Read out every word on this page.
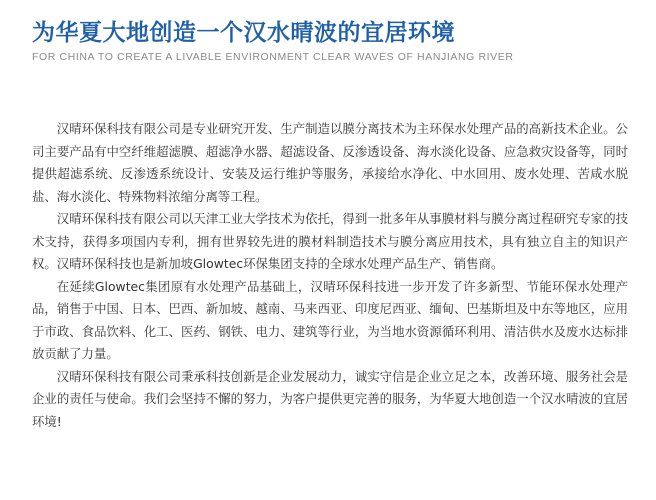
为华夏大地创造一个汉水晴波的宜居环境
FOR CHINA TO CREATE A LIVABLE ENVIRONMENT CLEAR WAVES OF HANJIANG RIVER

汉晴环保科技有限公司是专业研究开发、生产制造以膜分离技术为主环保水处理产品的高新技术企业。公司主要产品有中空纤维超滤膜、超滤净水器、超滤设备、反渗透设备、海水淡化设备、应急救灾设备等，同时提供超滤系统、反渗透系统设计、安装及运行维护等服务，承接给水净化、中水回用、废水处理、苦咸水脱盐、海水淡化、特殊物料浓缩分离等工程。

汉晴环保科技有限公司以天津工业大学技术为依托，得到一批多年从事膜材料与膜分离过程研究专家的技术支持，获得多项国内专利，拥有世界较先进的膜材料制造技术与膜分离应用技术，具有独立自主的知识产权。汉晴环保科技也是新加坡Glowtec环保集团支持的全球水处理产品生产、销售商。

在延续Glowtec集团原有水处理产品基础上，汉晴环保科技进一步开发了许多新型、节能环保水处理产品，销售于中国、日本、巴西、新加坡、越南、马来西亚、印度尼西亚、缅甸、巴基斯坦及中东等地区，应用于市政、食品饮料、化工、医药、钢铁、电力、建筑等行业，为当地水资源循环利用、清洁供水及废水达标排放贡献了力量。

汉晴环保科技有限公司秉承科技创新是企业发展动力，诚实守信是企业立足之本，改善环境、服务社会是企业的责任与使命。我们会坚持不懈的努力，为客户提供更完善的服务，为华夏大地创造一个汉水晴波的宜居环境!
